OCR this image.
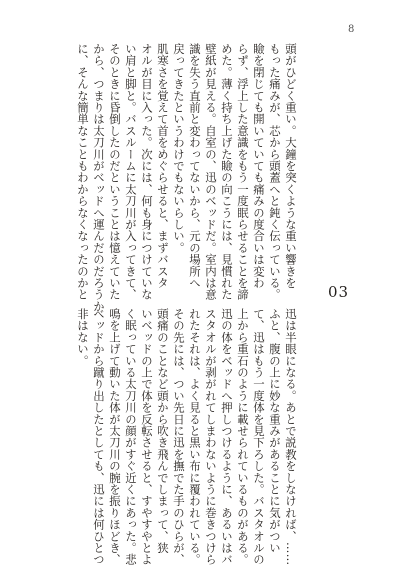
8
03

頭がひどく重い。大鐘を突くような重い響きを

もった痛みが、芯から頭蓋へと鈍く伝っている。

瞼を閉じても開いていても痛みの度合いは変わ

らず、浮上した意識をもう一度眠らせることを諦

めた。薄く持ち上げた瞼の向こうには、見慣れた

壁紙が見える。自室の、迅のベッドだ。室内は意

識を失う直前と変わってないから、元の場所へ

戻ってきたというわけでもないらしい。

肌寒さを覚えて首をめぐらせると、まずバスタ

オルが目に入った。次には、何も身につけていな

い肩と脚と。バスルームに太刀川が入ってきて、

そのときに昏倒したのだということは憶えていた

から、つまりは太刀川がベッドへ運んだのだろうか

に、そんな簡単なこともわからなくなったのかと

迅は半眼になる。あとで説教をしなければ、……

ふと、腹の上に妙な重みがあることに気がつい

て、迅はもう一度体を見下ろした。バスタオルの

上から重石のように載せられているものがある。

迅の体をベッドへ押しつけるように、あるいはバ

スタオルが剥がれてしまわないように巻きつけら

れたそれは、よく見ると黒い布に覆われている。

その先には、つい先日に迅を撫でた手のひらが、

頭痛のことなど頭から吹き飛んでしまって、狭

いベッドの上で体を反転させると、すやすやとよ

く眠っている太刀川の顔がすぐ近くにあった。悲

鳴を上げて動いた体が太刀川の腕を振りほどき、

ベッドから蹴り出したとしても、迅には何ひとつ

非はない。
